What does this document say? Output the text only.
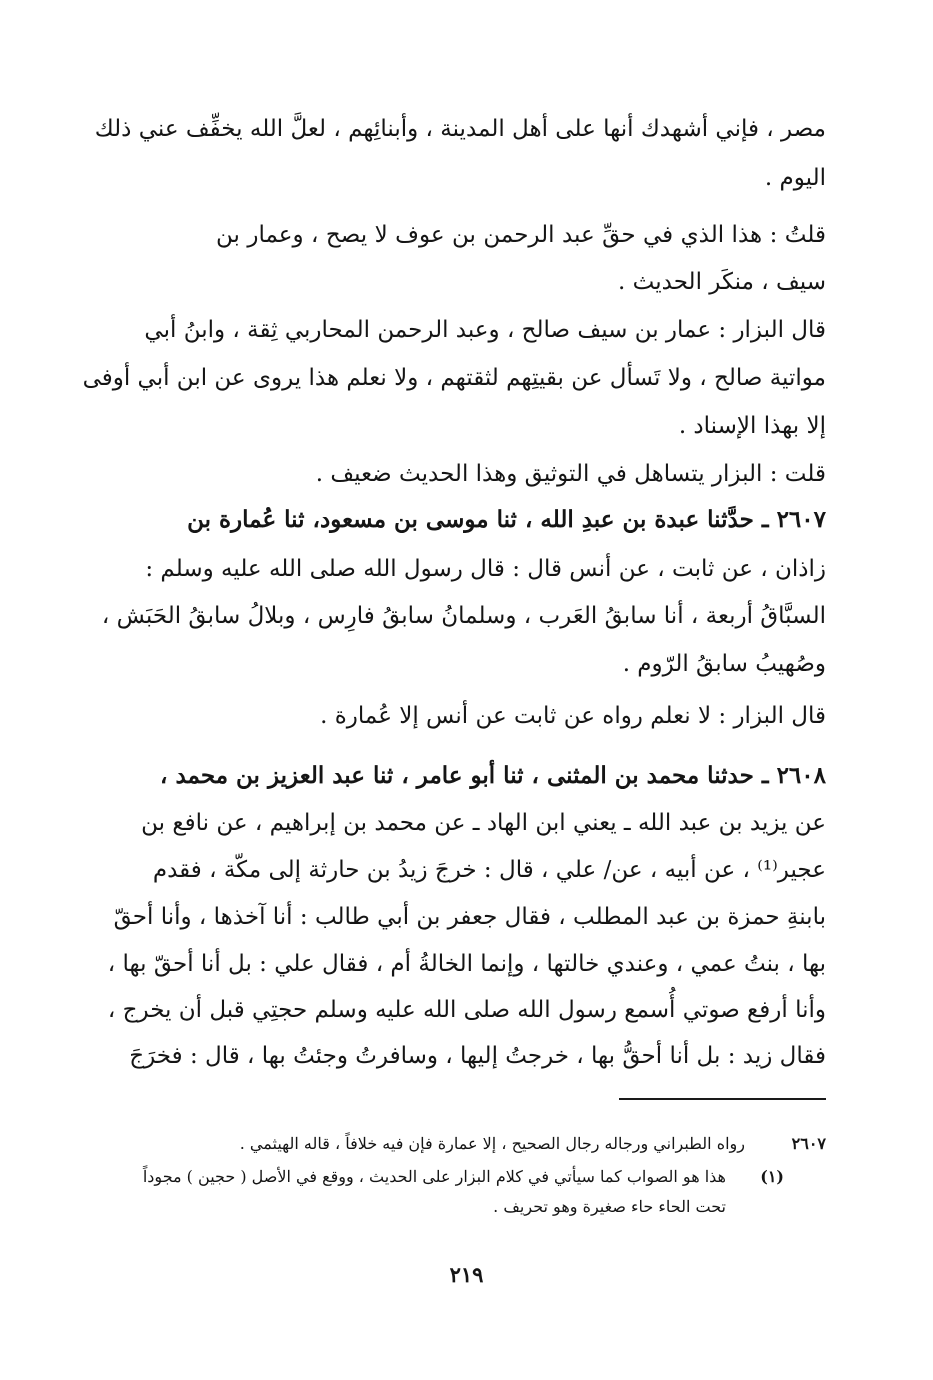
مصر ، فإني أشهدك أنها على أهل المدينة ، وأبنائِهم ، لعلَّ الله يخفِّف عني ذلك
اليوم .
قلتُ : هذا الذي في حقِّ عبد الرحمن بن عوف لا يصح ، وعمار بن
سيف ، منكَر الحديث .
قال البزار : عمار بن سيف صالح ، وعبد الرحمن المحاربي ثِقة ، وابنُ أبي
مواتية صالح ، ولا تَسأل عن بقيتِهم لثقتهم ، ولا نعلم هذا يروى عن ابن أبي أوفى
إلا بهذا الإسناد .
قلت : البزار يتساهل في التوثيق وهذا الحديث ضعيف .
٢٦٠٧ ـ حدَّثنا عبدة بن عبدِ الله ، ثنا موسى بن مسعود، ثنا عُمارة بن
زاذان ، عن ثابت ، عن أنس قال : قال رسول الله صلى الله عليه وسلم :
السبَّاقُ أربعة ، أنا سابقُ العَرب ، وسلمانُ سابقُ فارِس ، وبلالُ سابقُ الحَبَش ،
وصُهيبُ سابقُ الرّوم .
قال البزار : لا نعلم رواه عن ثابت عن أنس إلا عُمارة .
٢٦٠٨ ـ حدثنا محمد بن المثنى ، ثنا أبو عامر ، ثنا عبد العزيز بن محمد ،
عن يزيد بن عبد الله ـ يعني ابن الهاد ـ عن محمد بن إبراهيم ، عن نافع بن
عجير⁽¹⁾ ، عن أبيه ، عن/ علي ، قال : خرجَ زيدُ بن حارثة إلى مكّة ، فقدم
بابنةِ حمزة بن عبد المطلب ، فقال جعفر بن أبي طالب : أنا آخذها ، وأنا أحقّ
بها ، بنتُ عمي ، وعندي خالتها ، وإنما الخالةُ أم ، فقال علي : بل أنا أحقّ بها ،
وأنا أرفع صوتي أُسمع رسول الله صلى الله عليه وسلم حجتِي قبل أن يخرج ،
فقال زيد : بل أنا أحقُّ بها ، خرجتُ إليها ، وسافرتُ وجئتُ بها ، قال : فخرَجَ
٢٦٠٧
رواه الطبراني ورجاله رجال الصحيح ، إلا عمارة فإن فيه خلافاً ، قاله الهيثمي .
(١)
هذا هو الصواب كما سيأتي في كلام البزار على الحديث ، ووقع في الأصل ( حجين ) مجوداً
تحت الحاء حاء صغيرة وهو تحريف .
٢١٩
